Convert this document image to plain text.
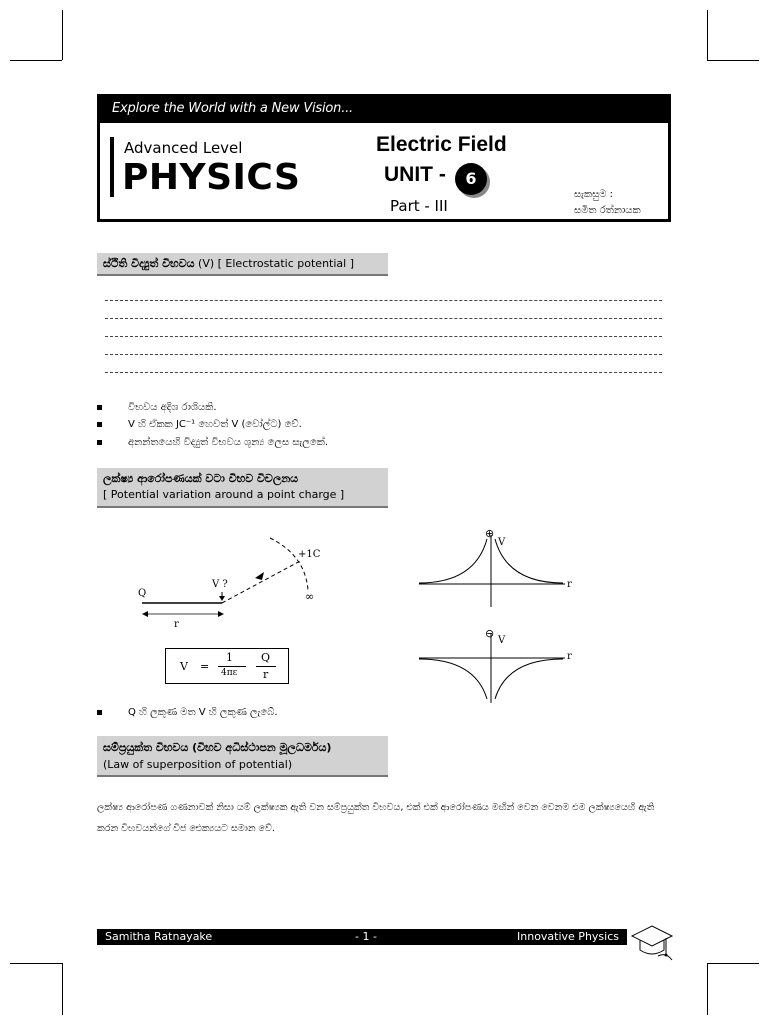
Explore the World with a New Vision...
Advanced Level
PHYSICS
Electric Field
UNIT -	6
Part - III
සැකසුම :
සමිත රත්නායක
ස්ථිති විද්‍යුත් විභවය (V) [ Electrostatic potential ]
විභවය අදිශ රාශියකි.
V හි ඒකක JC⁻¹ හෙවත් V (වෝල්ට) වේ.
අනන්තයෙහි විද්‍යුත් විභවය ශුන්‍ය ලෙස සැලකේ.
ලක්ෂ්‍ය ආරෝපණයක් වටා විභව විචලනය
[ Potential variation around a point charge ]
Q
V ?
r
+1C
∞
V =
1
4πε
Q
r
⊕
V
r
⊖
V
r
Q හි ලකුණ මත V හි ලකුණ ලැබේ.
සම්ප්‍රයුක්ත විභවය (විභව අධිස්ථාපන මූලධර්මය)
(Law of superposition of potential)
ලක්ෂ්‍ය ආරෝපණ ගණනාවක් නිසා යම් ලක්ෂ්‍යක ඇති වන සම්ප්‍රයුක්ත විභවය, එක් එක් ආරෝපණය මඟින් වෙන වෙනම එම ලක්ෂ්‍යයෙහි ඇති කරන විභවයන්ගේ වීජ ඓක්‍යයට සමාන වේ.
Samitha Ratnayake	- 1 -	Innovative Physics
